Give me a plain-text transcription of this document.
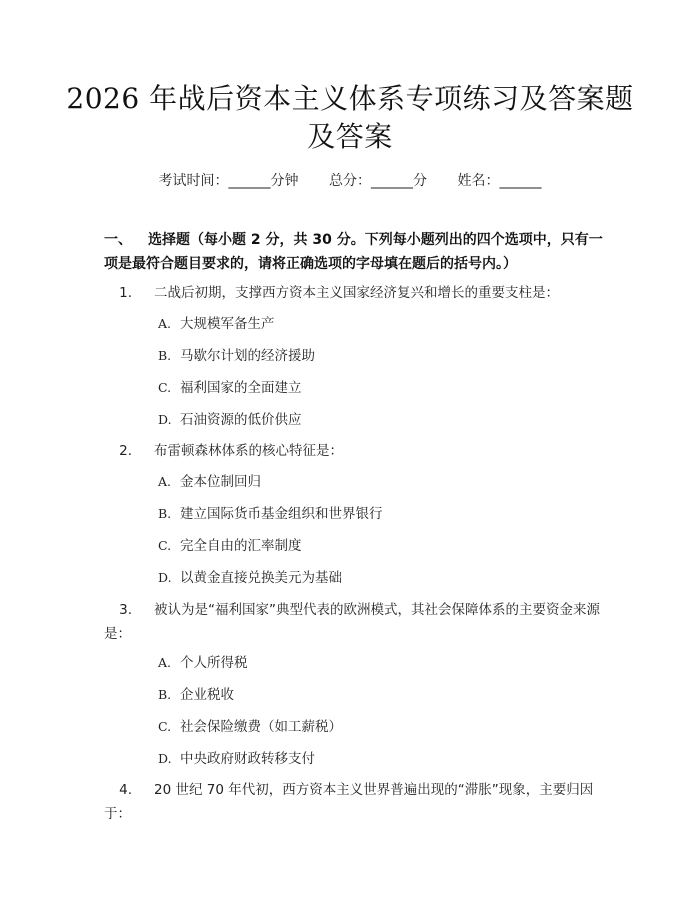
2026 年战后资本主义体系专项练习及答案题及答案
考试时间：______分钟 总分：______分 姓名：______
一、 选择题（每小题 2 分，共 30 分。下列每小题列出的四个选项中，只有一项是最符合题目要求的，请将正确选项的字母填在题后的括号内。）
1. 二战后初期，支撑西方资本主义国家经济复兴和增长的重要支柱是：
A. 大规模军备生产
B. 马歇尔计划的经济援助
C. 福利国家的全面建立
D. 石油资源的低价供应
2. 布雷顿森林体系的核心特征是：
A. 金本位制回归
B. 建立国际货币基金组织和世界银行
C. 完全自由的汇率制度
D. 以黄金直接兑换美元为基础
3. 被认为是“福利国家”典型代表的欧洲模式，其社会保障体系的主要资金来源是：
A. 个人所得税
B. 企业税收
C. 社会保险缴费（如工薪税）
D. 中央政府财政转移支付
4. 20 世纪 70 年代初，西方资本主义世界普遍出现的“滞胀”现象，主要归因于：
